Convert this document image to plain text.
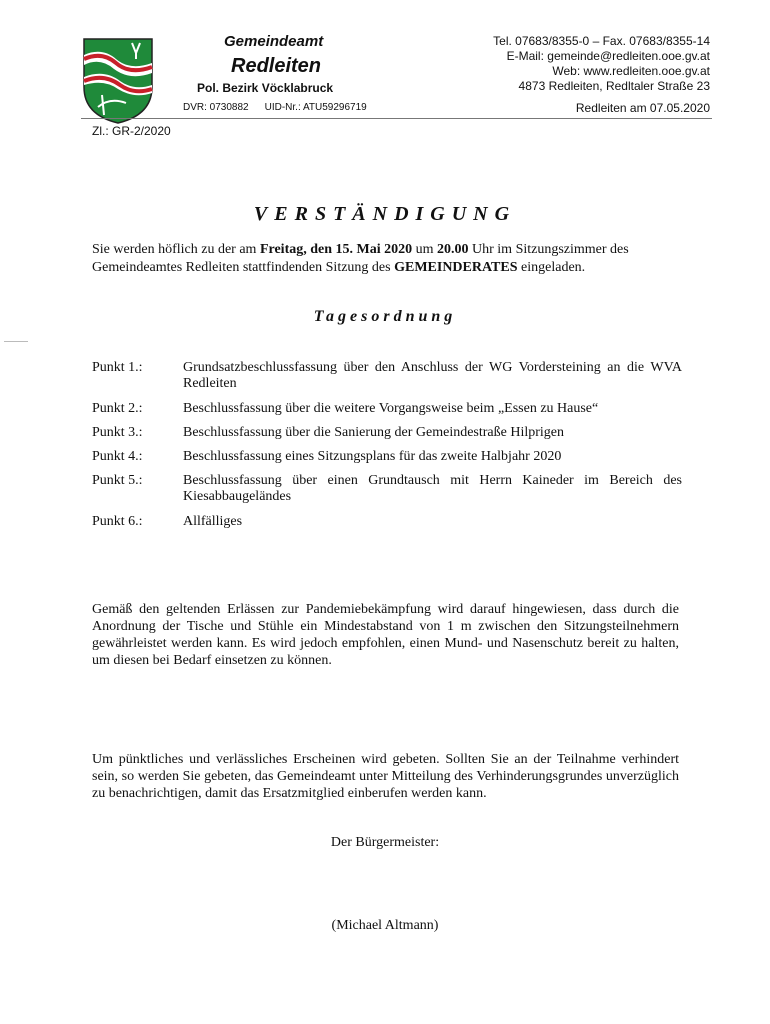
Gemeindeamt
Redleiten
Pol. Bezirk Vöcklabruck
DVR: 0730882 UID-Nr.: ATU59296719
Tel. 07683/8355-0 – Fax. 07683/8355-14
E-Mail: gemeinde@redleiten.ooe.gv.at
Web: www.redleiten.ooe.gv.at
4873 Redleiten, Redltaler Straße 23
Redleiten am 07.05.2020
Zl.: GR-2/2020
VERSTÄNDIGUNG
Sie werden höflich zu der am Freitag, den 15. Mai 2020 um 20.00 Uhr im Sitzungszimmer des Gemeindeamtes Redleiten stattfindenden Sitzung des GEMEINDERATES eingeladen.
Tagesordnung
Punkt 1.:	Grundsatzbeschlussfassung über den Anschluss der WG Vordersteining an die WVA Redleiten
Punkt 2.:	Beschlussfassung über die weitere Vorgangsweise beim „Essen zu Hause“
Punkt 3.:	Beschlussfassung über die Sanierung der Gemeindestraße Hilprigen
Punkt 4.:	Beschlussfassung eines Sitzungsplans für das zweite Halbjahr 2020
Punkt 5.:	Beschlussfassung über einen Grundtausch mit Herrn Kaineder im Bereich des Kiesabbaugeländes
Punkt 6.:	Allfälliges
Gemäß den geltenden Erlässen zur Pandemiebekämpfung wird darauf hingewiesen, dass durch die Anordnung der Tische und Stühle ein Mindestabstand von 1 m zwischen den Sitzungsteilnehmern gewährleistet werden kann. Es wird jedoch empfohlen, einen Mund- und Nasenschutz bereit zu halten, um diesen bei Bedarf einsetzen zu können.
Um pünktliches und verlässliches Erscheinen wird gebeten. Sollten Sie an der Teilnahme verhindert sein, so werden Sie gebeten, das Gemeindeamt unter Mitteilung des Verhinderungsgrundes unverzüglich zu benachrichtigen, damit das Ersatzmitglied einberufen werden kann.
Der Bürgermeister:
(Michael Altmann)
